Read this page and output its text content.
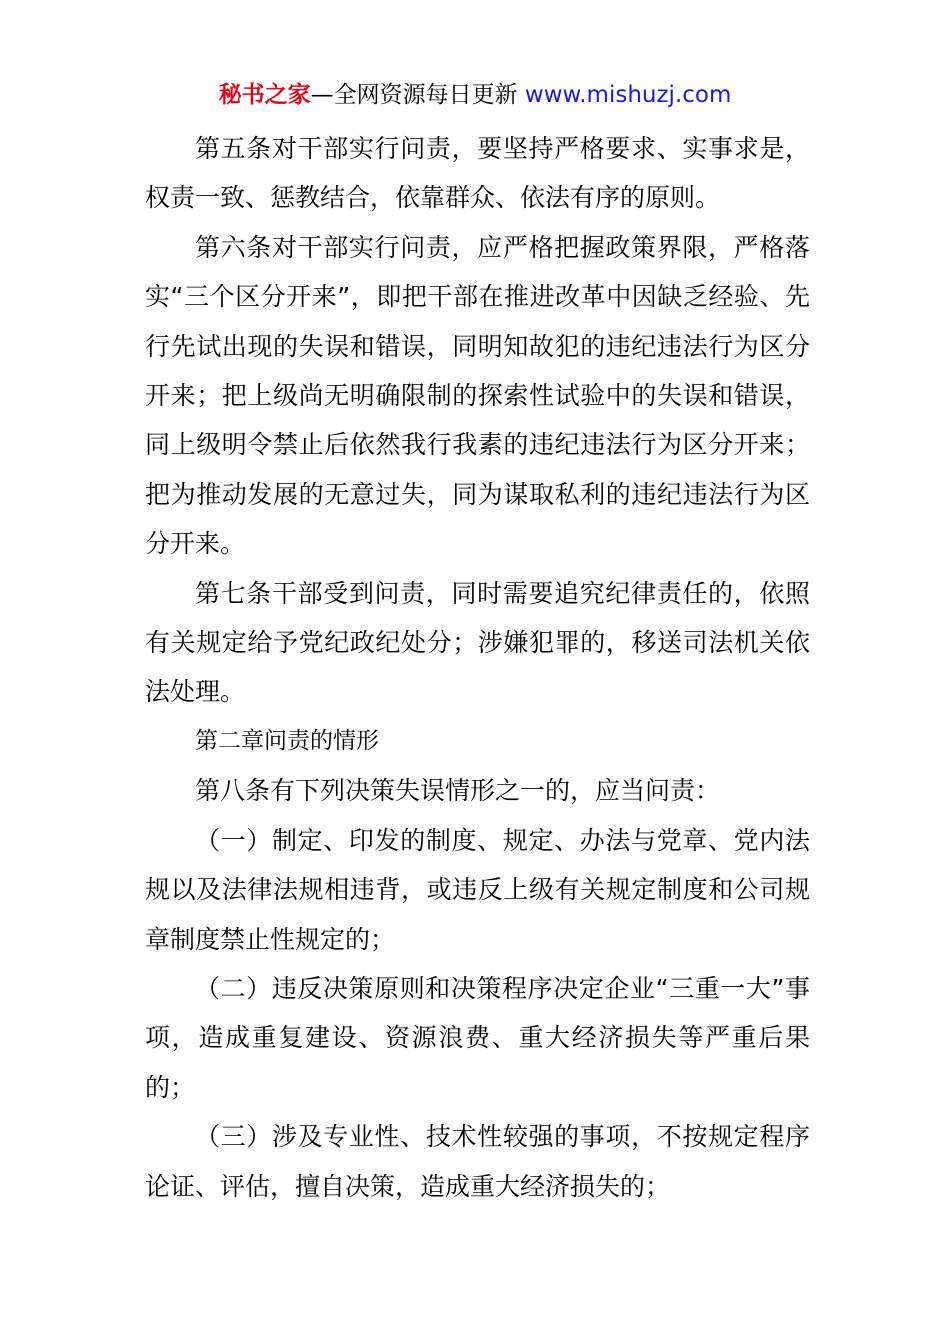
秘书之家—全网资源每日更新 www.mishuzj.com

第五条对干部实行问责，要坚持严格要求、实事求是，权责一致、惩教结合，依靠群众、依法有序的原则。

第六条对干部实行问责，应严格把握政策界限，严格落实“三个区分开来”，即把干部在推进改革中因缺乏经验、先行先试出现的失误和错误，同明知故犯的违纪违法行为区分开来；把上级尚无明确限制的探索性试验中的失误和错误，同上级明令禁止后依然我行我素的违纪违法行为区分开来；把为推动发展的无意过失，同为谋取私利的违纪违法行为区分开来。

第七条干部受到问责，同时需要追究纪律责任的，依照有关规定给予党纪政纪处分；涉嫌犯罪的，移送司法机关依法处理。

第二章问责的情形

第八条有下列决策失误情形之一的，应当问责：

（一）制定、印发的制度、规定、办法与党章、党内法规以及法律法规相违背，或违反上级有关规定制度和公司规章制度禁止性规定的；

（二）违反决策原则和决策程序决定企业“三重一大”事项，造成重复建设、资源浪费、重大经济损失等严重后果的；

（三）涉及专业性、技术性较强的事项，不按规定程序论证、评估，擅自决策，造成重大经济损失的；
